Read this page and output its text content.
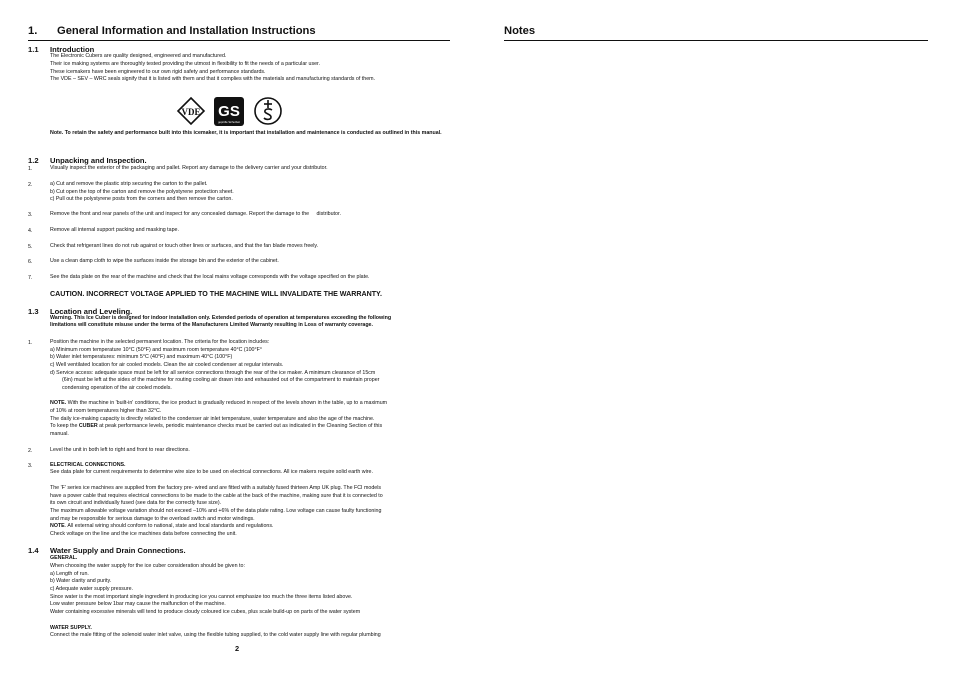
1. General Information and Installation Instructions
1.1 Introduction
The Electronic Cubers are quality designed, engineered and manufactured.
Their ice making systems are thoroughly tested providing the utmost in flexibility to fit the needs of a particular user.
These icemakers have been engineered to our own rigid safety and performance standards.
The VDE – SEV – WRC seals signify that it is listed with them and that it complies with the materials and manufacturing standards of them.
VDE GS
geprüfte Sicherheit
Note. To retain the safety and performance built into this icemaker, it is important that installation and maintenance is conducted as outlined in this manual.
1.2 Unpacking and Inspection.
1.	Visually inspect the exterior of the packaging and pallet. Report any damage to the delivery carrier and your distributor.
2.	a) Cut and remove the plastic strip securing the carton to the pallet.
b) Cut open the top of the carton and remove the polystyrene protection sheet.
c) Pull out the polystyrene posts from the corners and then remove the carton.
3.	Remove the front and rear panels of the unit and inspect for any concealed damage. Report the damage to the     distributor.
4.	Remove all internal support packing and masking tape.
5.	Check that refrigerant lines do not rub against or touch other lines or surfaces, and that the fan blade moves freely.
6.	Use a clean damp cloth to wipe the surfaces inside the storage bin and the exterior of the cabinet.
7.	See the data plate on the rear of the machine and check that the local mains voltage corresponds with the voltage specified on the plate.
CAUTION. INCORRECT VOLTAGE APPLIED TO THE MACHINE WILL INVALIDATE THE WARRANTY.
1.3 Location and Leveling.
Warning. This Ice Cuber is designed for indoor installation only. Extended periods of operation at temperatures exceeding the following
limitations will constitute misuse under the terms of the Manufacturers Limited Warranty resulting in Loss of warranty coverage.
1.	Position the machine in the selected permanent location. The criteria for the location includes:
a) Minimum room temperature 10°C (50°F) and maximum room temperature 40°C (100°F°
b) Water inlet temperatures: minimum 5°C (40°F) and maximum 40°C (100°F)
c) Well ventilated location for air cooled models. Clean the air cooled condenser at regular intervals.
d) Service access: adequate space must be left for all service connections through the rear of the ice maker. A minimum clearance of 15cm
(6in) must be left at the sides of the machine for routing cooling air drawn into and exhausted out of the compartment to maintain proper
condensing operation of the air cooled models.
NOTE. With the machine in 'built-in' conditions, the ice product is gradually reduced in respect of the levels shown in the table, up to a maximum
of 10% at room temperatures higher than 32°C.
The daily ice-making capacity is directly related to the condenser air inlet temperature, water temperature and also the age of the machine.
To keep the CUBER at peak performance levels, periodic maintenance checks must be carried out as indicated in the Cleaning Section of this
manual.
2.	Level the unit in both left to right and front to rear directions.
3.	ELECTRICAL CONNECTIONS.
See data plate for current requirements to determine wire size to be used on electrical connections. All ice makers require solid earth wire.
The 'F' series ice machines are supplied from the factory pre- wired and are fitted with a suitably fused thirteen Amp UK plug. The FCI models
have a power cable that requires electrical connections to be made to the cable at the back of the machine, making sure that it is connected to
its own circuit and individually fused (see data for the correctly fuse size).
The maximum allowable voltage variation should not exceed –10% and +6% of the data plate rating. Low voltage can cause faulty functioning
and may be responsible for serious damage to the overload switch and motor windings.
NOTE. All external wiring should conform to national, state and local standards and regulations.
Check voltage on the line and the ice machines data before connecting the unit.
1.4 Water Supply and Drain Connections.
GENERAL.
When choosing the water supply for the ice cuber consideration should be given to:
a) Length of run.
b) Water clarity and purity.
c) Adequate water supply pressure.
Since water is the most important single ingredient in producing ice you cannot emphasize too much the three items listed above.
Low water pressure below 1bar may cause the malfunction of the machine.
Water containing excessive minerals will tend to produce cloudy coloured ice cubes, plus scale build-up on parts of the water system
WATER SUPPLY.
Connect the male fitting of the solenoid water inlet valve, using the flexible tubing supplied, to the cold water supply line with regular plumbing
2
Notes
